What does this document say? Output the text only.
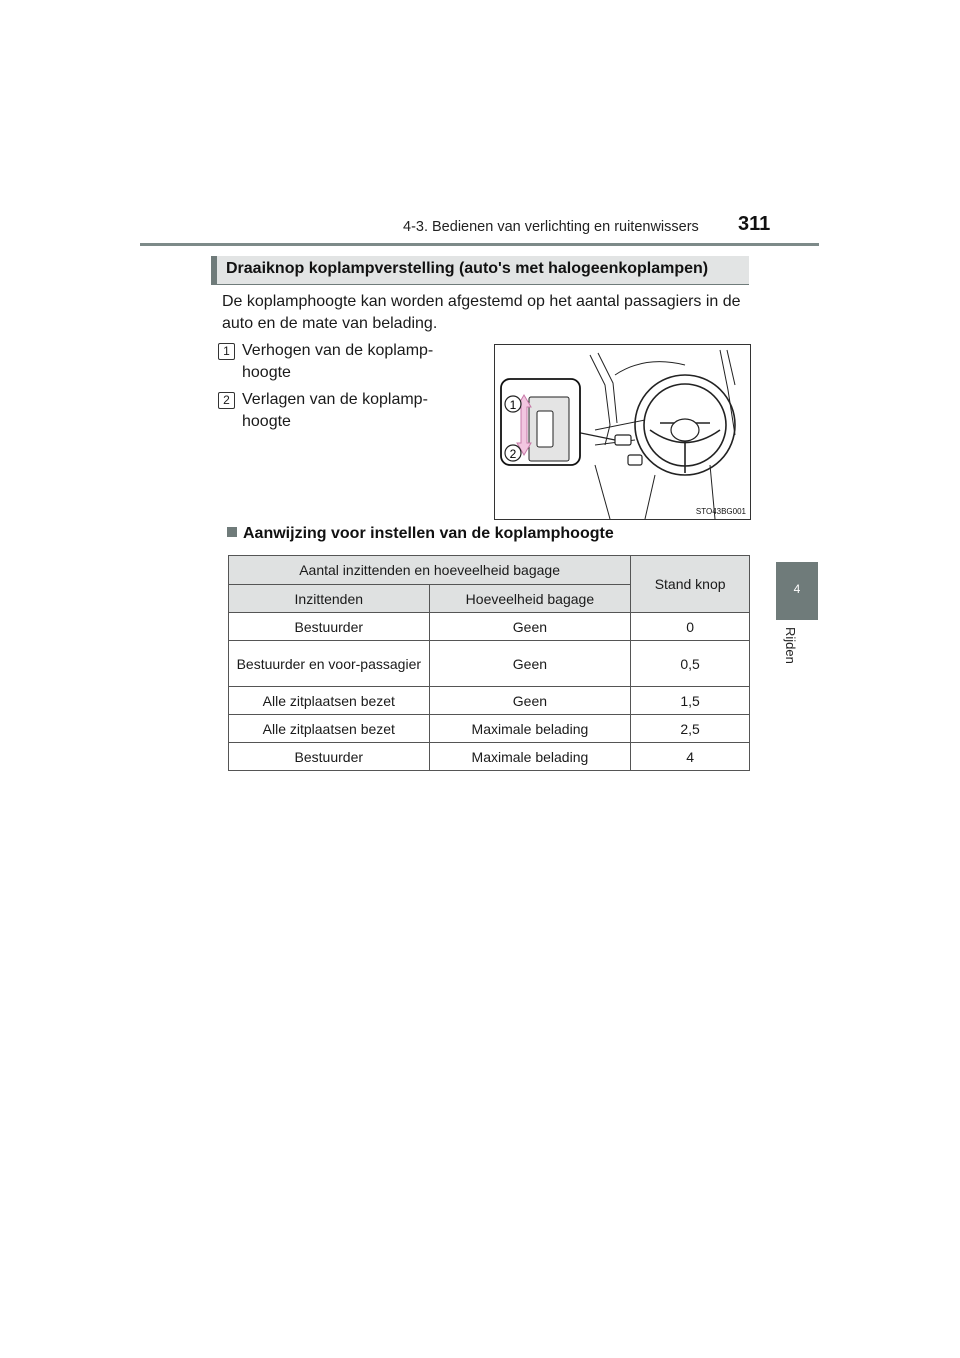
4-3. Bedienen van verlichting en ruitenwissers 311
4
Rijden
Draaiknop koplampverstelling (auto's met halogeenkoplampen)
De koplamphoogte kan worden afgestemd op het aantal passagiers in de auto en de mate van belading.
1 Verhogen van de koplamp-hoogte
2 Verlagen van de koplamp-hoogte
1
2
STO43BG001
Aanwijzing voor instellen van de koplamphoogte
Aantal inzittenden en hoeveelheid bagage		Stand knop
Inzittenden	Hoeveelheid bagage	
Bestuurder	Geen	0
Bestuurder en voor-passagier	Geen	0,5
Alle zitplaatsen bezet	Geen	1,5
Alle zitplaatsen bezet	Maximale belading	2,5
Bestuurder	Maximale belading	4
